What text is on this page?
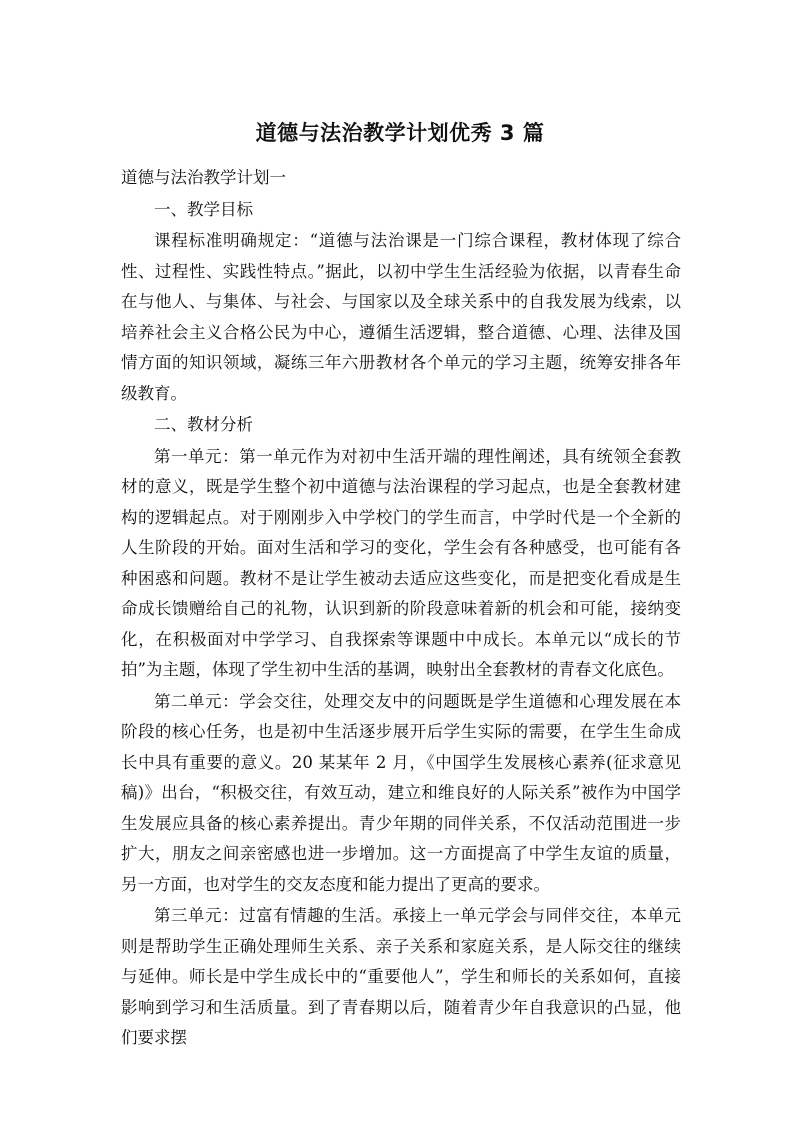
道德与法治教学计划优秀 3 篇

道德与法治教学计划一

一、教学目标

课程标准明确规定：“道德与法治课是一门综合课程，教材体现了综合性、过程性、实践性特点。”据此，以初中学生生活经验为依据，以青春生命在与他人、与集体、与社会、与国家以及全球关系中的自我发展为线索，以培养社会主义合格公民为中心，遵循生活逻辑，整合道德、心理、法律及国情方面的知识领域，凝练三年六册教材各个单元的学习主题，统筹安排各年级教育。

二、教材分析

第一单元：第一单元作为对初中生活开端的理性阐述，具有统领全套教材的意义，既是学生整个初中道德与法治课程的学习起点，也是全套教材建构的逻辑起点。对于刚刚步入中学校门的学生而言，中学时代是一个全新的人生阶段的开始。面对生活和学习的变化，学生会有各种感受，也可能有各种困惑和问题。教材不是让学生被动去适应这些变化，而是把变化看成是生命成长馈赠给自己的礼物，认识到新的阶段意味着新的机会和可能，接纳变化，在积极面对中学学习、自我探索等课题中中成长。本单元以“成长的节拍”为主题，体现了学生初中生活的基调，映射出全套教材的青春文化底色。

第二单元：学会交往，处理交友中的问题既是学生道德和心理发展在本阶段的核心任务，也是初中生活逐步展开后学生实际的需要，在学生生命成长中具有重要的意义。20 某某年 2 月，《中国学生发展核心素养(征求意见稿)》出台，“积极交往，有效互动，建立和维良好的人际关系”被作为中国学生发展应具备的核心素养提出。青少年期的同伴关系，不仅活动范围进一步扩大，朋友之间亲密感也进一步增加。这一方面提高了中学生友谊的质量，另一方面，也对学生的交友态度和能力提出了更高的要求。

第三单元：过富有情趣的生活。承接上一单元学会与同伴交往，本单元则是帮助学生正确处理师生关系、亲子关系和家庭关系，是人际交往的继续与延伸。师长是中学生成长中的“重要他人”，学生和师长的关系如何，直接影响到学习和生活质量。到了青春期以后，随着青少年自我意识的凸显，他们要求摆
